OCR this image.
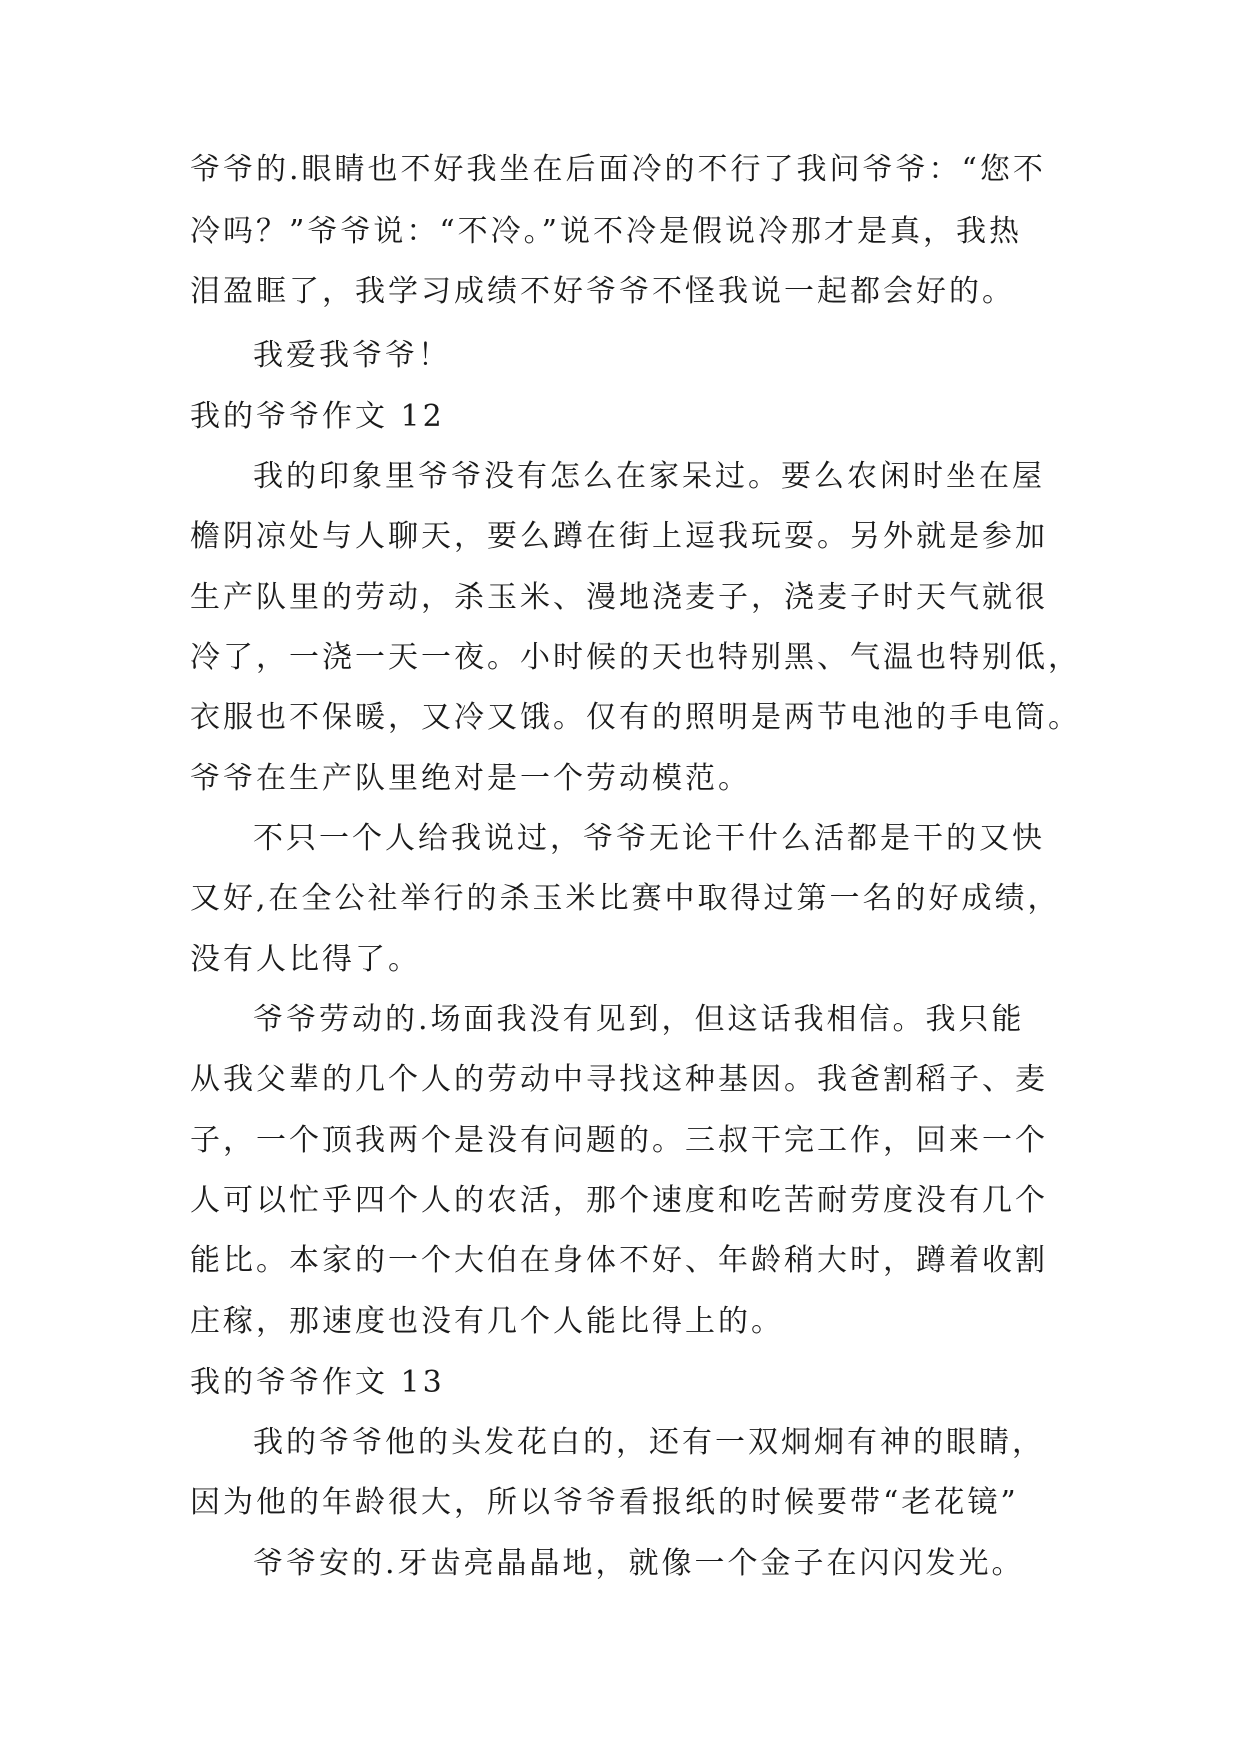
爷爷的.眼睛也不好我坐在后面冷的不行了我问爷爷：“您不
冷吗？”爷爷说：“不冷。”说不冷是假说冷那才是真，我热
泪盈眶了，我学习成绩不好爷爷不怪我说一起都会好的。
我爱我爷爷！
我的爷爷作文 12
我的印象里爷爷没有怎么在家呆过。要么农闲时坐在屋
檐阴凉处与人聊天，要么蹲在街上逗我玩耍。另外就是参加
生产队里的劳动，杀玉米、漫地浇麦子，浇麦子时天气就很
冷了，一浇一天一夜。小时候的天也特别黑、气温也特别低，
衣服也不保暖，又冷又饿。仅有的照明是两节电池的手电筒。
爷爷在生产队里绝对是一个劳动模范。
不只一个人给我说过，爷爷无论干什么活都是干的又快
又好,在全公社举行的杀玉米比赛中取得过第一名的好成绩，
没有人比得了。
爷爷劳动的.场面我没有见到，但这话我相信。我只能
从我父辈的几个人的劳动中寻找这种基因。我爸割稻子、麦
子，一个顶我两个是没有问题的。三叔干完工作，回来一个
人可以忙乎四个人的农活，那个速度和吃苦耐劳度没有几个
能比。本家的一个大伯在身体不好、年龄稍大时，蹲着收割
庄稼，那速度也没有几个人能比得上的。
我的爷爷作文 13
我的爷爷他的头发花白的，还有一双炯炯有神的眼睛，
因为他的年龄很大，所以爷爷看报纸的时候要带“老花镜”
爷爷安的.牙齿亮晶晶地，就像一个金子在闪闪发光。
